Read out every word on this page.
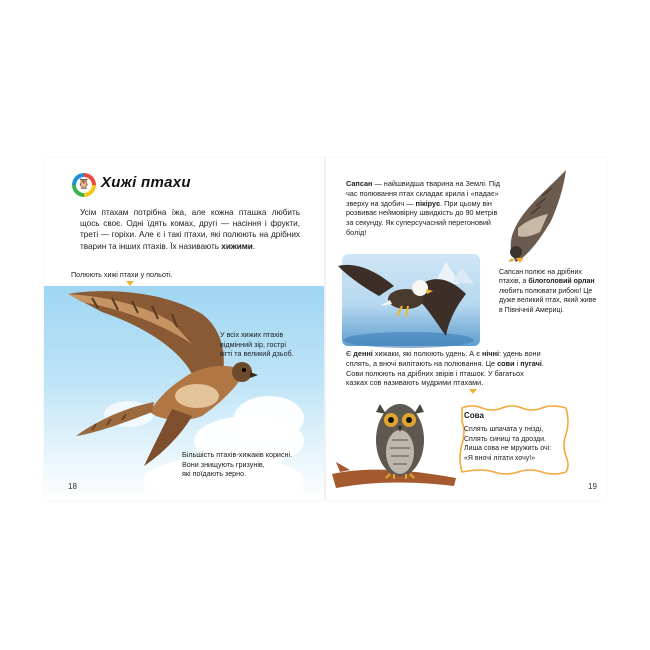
🦉 Хижі птахи
Усім птахам потрібна їжа, але кожна пташка любить щось своє. Одні їдять комах, другі — насіння і фрукти, треті — горіхи. Але є і такі птахи, які полюють на дрібних тварин та інших птахів. Їх називають хижими.
Полюють хижі птахи у польоті.
У всіх хижих птахів
відмінний зір, гострі
кігті та великий дзьоб.
Більшість птахів-хижаків корисні.
Вони знищують гризунів,
які поїдають зерно.
18
Сапсан — найшвидша тварина на Землі. Під час полювання птах складає крила і «падає» зверху на здобич — пікірує. При цьому він розвиває неймовірну швидкість до 90 метрів за секунду. Як суперсучасний перегоновий болід!
Сапсан полює на дрібних птахів, а білоголовий орлан любить полювати рибою! Це дуже великий птах, який живе в Північній Америці.
Є денні хижаки, які полюють удень. А є нічні: удень вони сплять, а вночі вилітають на полювання. Це сови і пугачі. Сови полюють на дрібних звірів і пташок. У багатьох казках сов називають мудрими птахами.
Сова
Сплять шпачата у гнізді,
Сплять синиці та дрозди.
Лиша сова не мружить очі:
«Я вночі літати хочу!»
19
